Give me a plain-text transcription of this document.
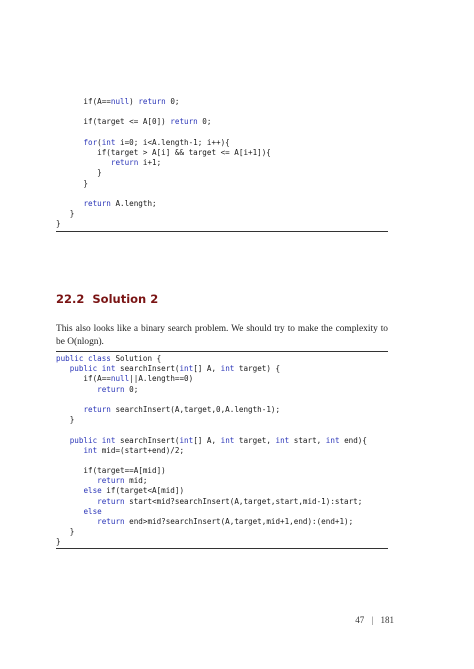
if(A==null) return 0;
if(target <= A[0]) return 0;
for(int i=0; i<A.length-1; i++){
if(target > A[i] && target <= A[i+1]){
return i+1;
}
}
return A.length;
}
}
22.2 Solution 2

This also looks like a binary search problem. We should try to make the complexity to be O(nlogn).

public class Solution {
public int searchInsert(int[] A, int target) {
if(A==null||A.length==0)
return 0;
return searchInsert(A,target,0,A.length-1);
}
public int searchInsert(int[] A, int target, int start, int end){
int mid=(start+end)/2;
if(target==A[mid])
return mid;
else if(target<A[mid])
return start<mid?searchInsert(A,target,start,mid-1):start;
else
return end>mid?searchInsert(A,target,mid+1,end):(end+1);
}
}
47 | 181
